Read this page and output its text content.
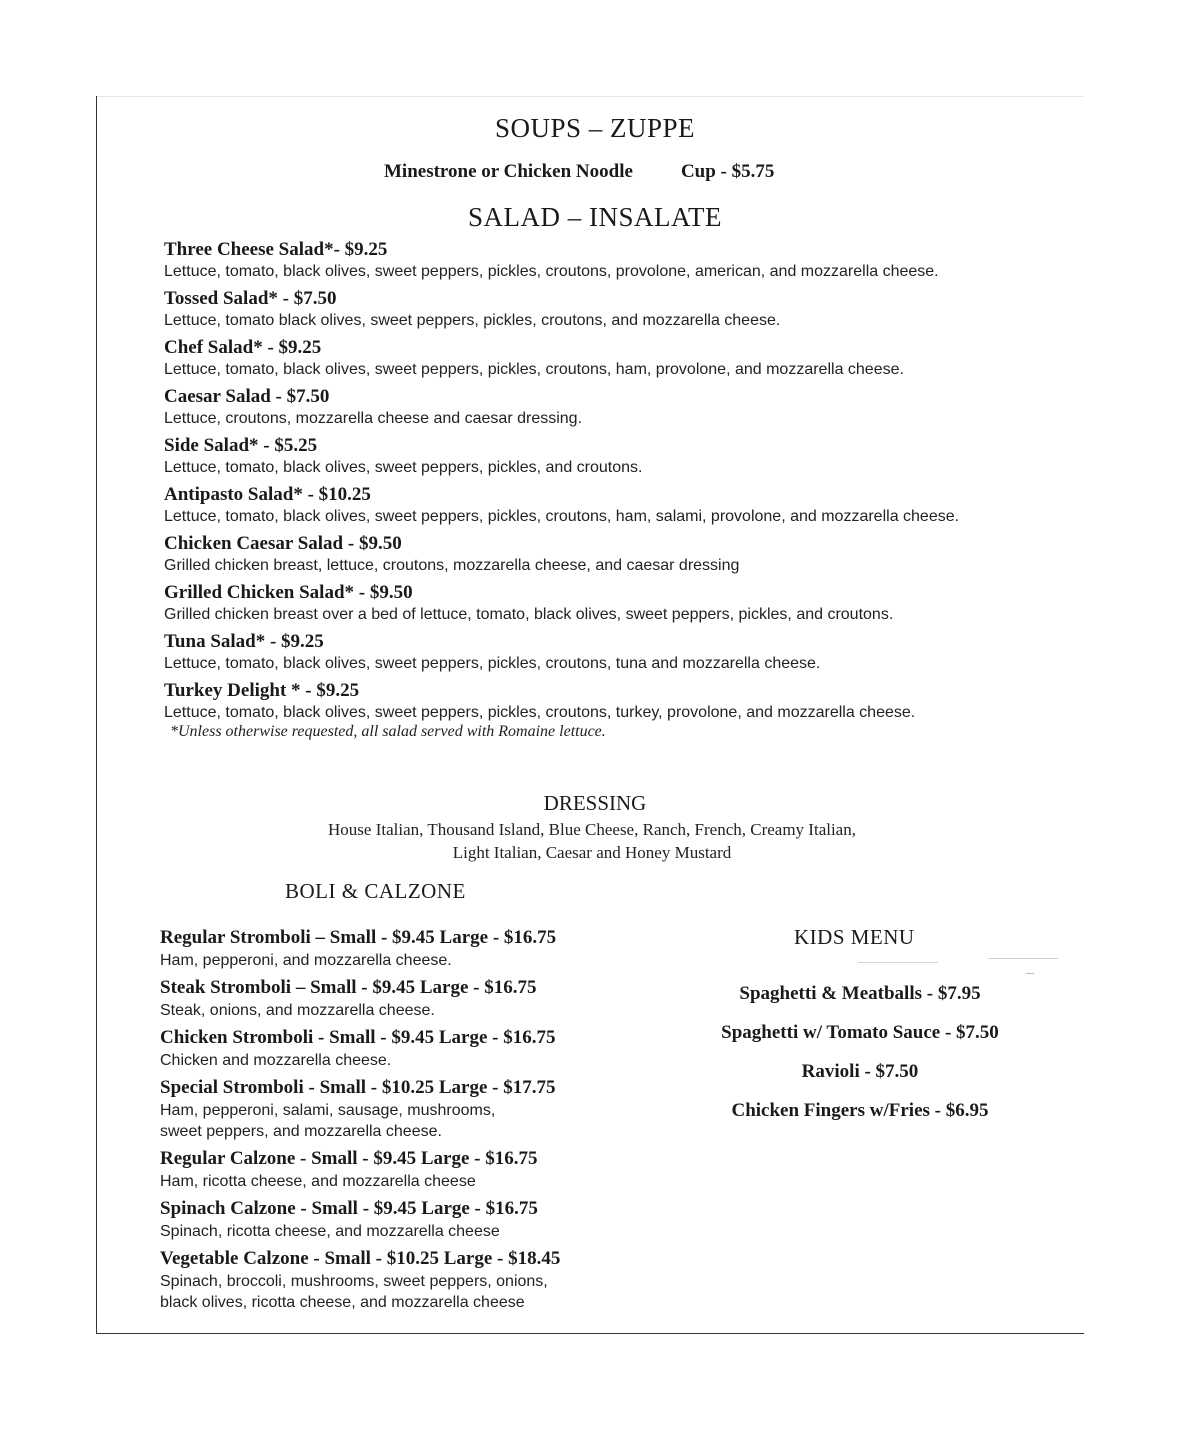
SOUPS – ZUPPE
Minestrone or Chicken Noodle	Cup - $5.75
SALAD – INSALATE
Three Cheese Salad*- $9.25
Lettuce, tomato, black olives, sweet peppers, pickles, croutons, provolone, american, and mozzarella cheese.
Tossed Salad* - $7.50
Lettuce, tomato black olives, sweet peppers, pickles, croutons, and mozzarella cheese.
Chef Salad* - $9.25
Lettuce, tomato, black olives, sweet peppers, pickles, croutons, ham, provolone, and mozzarella cheese.
Caesar Salad - $7.50
Lettuce, croutons, mozzarella cheese and caesar dressing.
Side Salad* - $5.25
Lettuce, tomato, black olives, sweet peppers, pickles, and croutons.
Antipasto Salad* - $10.25
Lettuce, tomato, black olives, sweet peppers, pickles, croutons, ham, salami, provolone, and mozzarella cheese.
Chicken Caesar Salad - $9.50
Grilled chicken breast, lettuce, croutons, mozzarella cheese, and caesar dressing
Grilled Chicken Salad* - $9.50
Grilled chicken breast over a bed of lettuce, tomato, black olives, sweet peppers, pickles, and croutons.
Tuna Salad* - $9.25
Lettuce, tomato, black olives, sweet peppers, pickles, croutons, tuna and mozzarella cheese.
Turkey Delight * - $9.25
Lettuce, tomato, black olives, sweet peppers, pickles, croutons, turkey, provolone, and mozzarella cheese.
*Unless otherwise requested, all salad served with Romaine lettuce.
DRESSING
House Italian, Thousand Island, Blue Cheese, Ranch, French, Creamy Italian,
Light Italian, Caesar and Honey Mustard
BOLI & CALZONE
Regular Stromboli – Small - $9.45 Large - $16.75
Ham, pepperoni, and mozzarella cheese.
Steak Stromboli – Small - $9.45 Large - $16.75
Steak, onions, and mozzarella cheese.
Chicken Stromboli - Small - $9.45 Large - $16.75
Chicken and mozzarella cheese.
Special Stromboli - Small - $10.25 Large - $17.75
Ham, pepperoni, salami, sausage, mushrooms,
sweet peppers, and mozzarella cheese.
Regular Calzone - Small - $9.45 Large - $16.75
Ham, ricotta cheese, and mozzarella cheese
Spinach Calzone - Small - $9.45 Large - $16.75
Spinach, ricotta cheese, and mozzarella cheese
Vegetable Calzone - Small - $10.25 Large - $18.45
Spinach, broccoli, mushrooms, sweet peppers, onions,
black olives, ricotta cheese, and mozzarella cheese
KIDS MENU
Spaghetti & Meatballs - $7.95
Spaghetti w/ Tomato Sauce - $7.50
Ravioli - $7.50
Chicken Fingers w/Fries - $6.95
